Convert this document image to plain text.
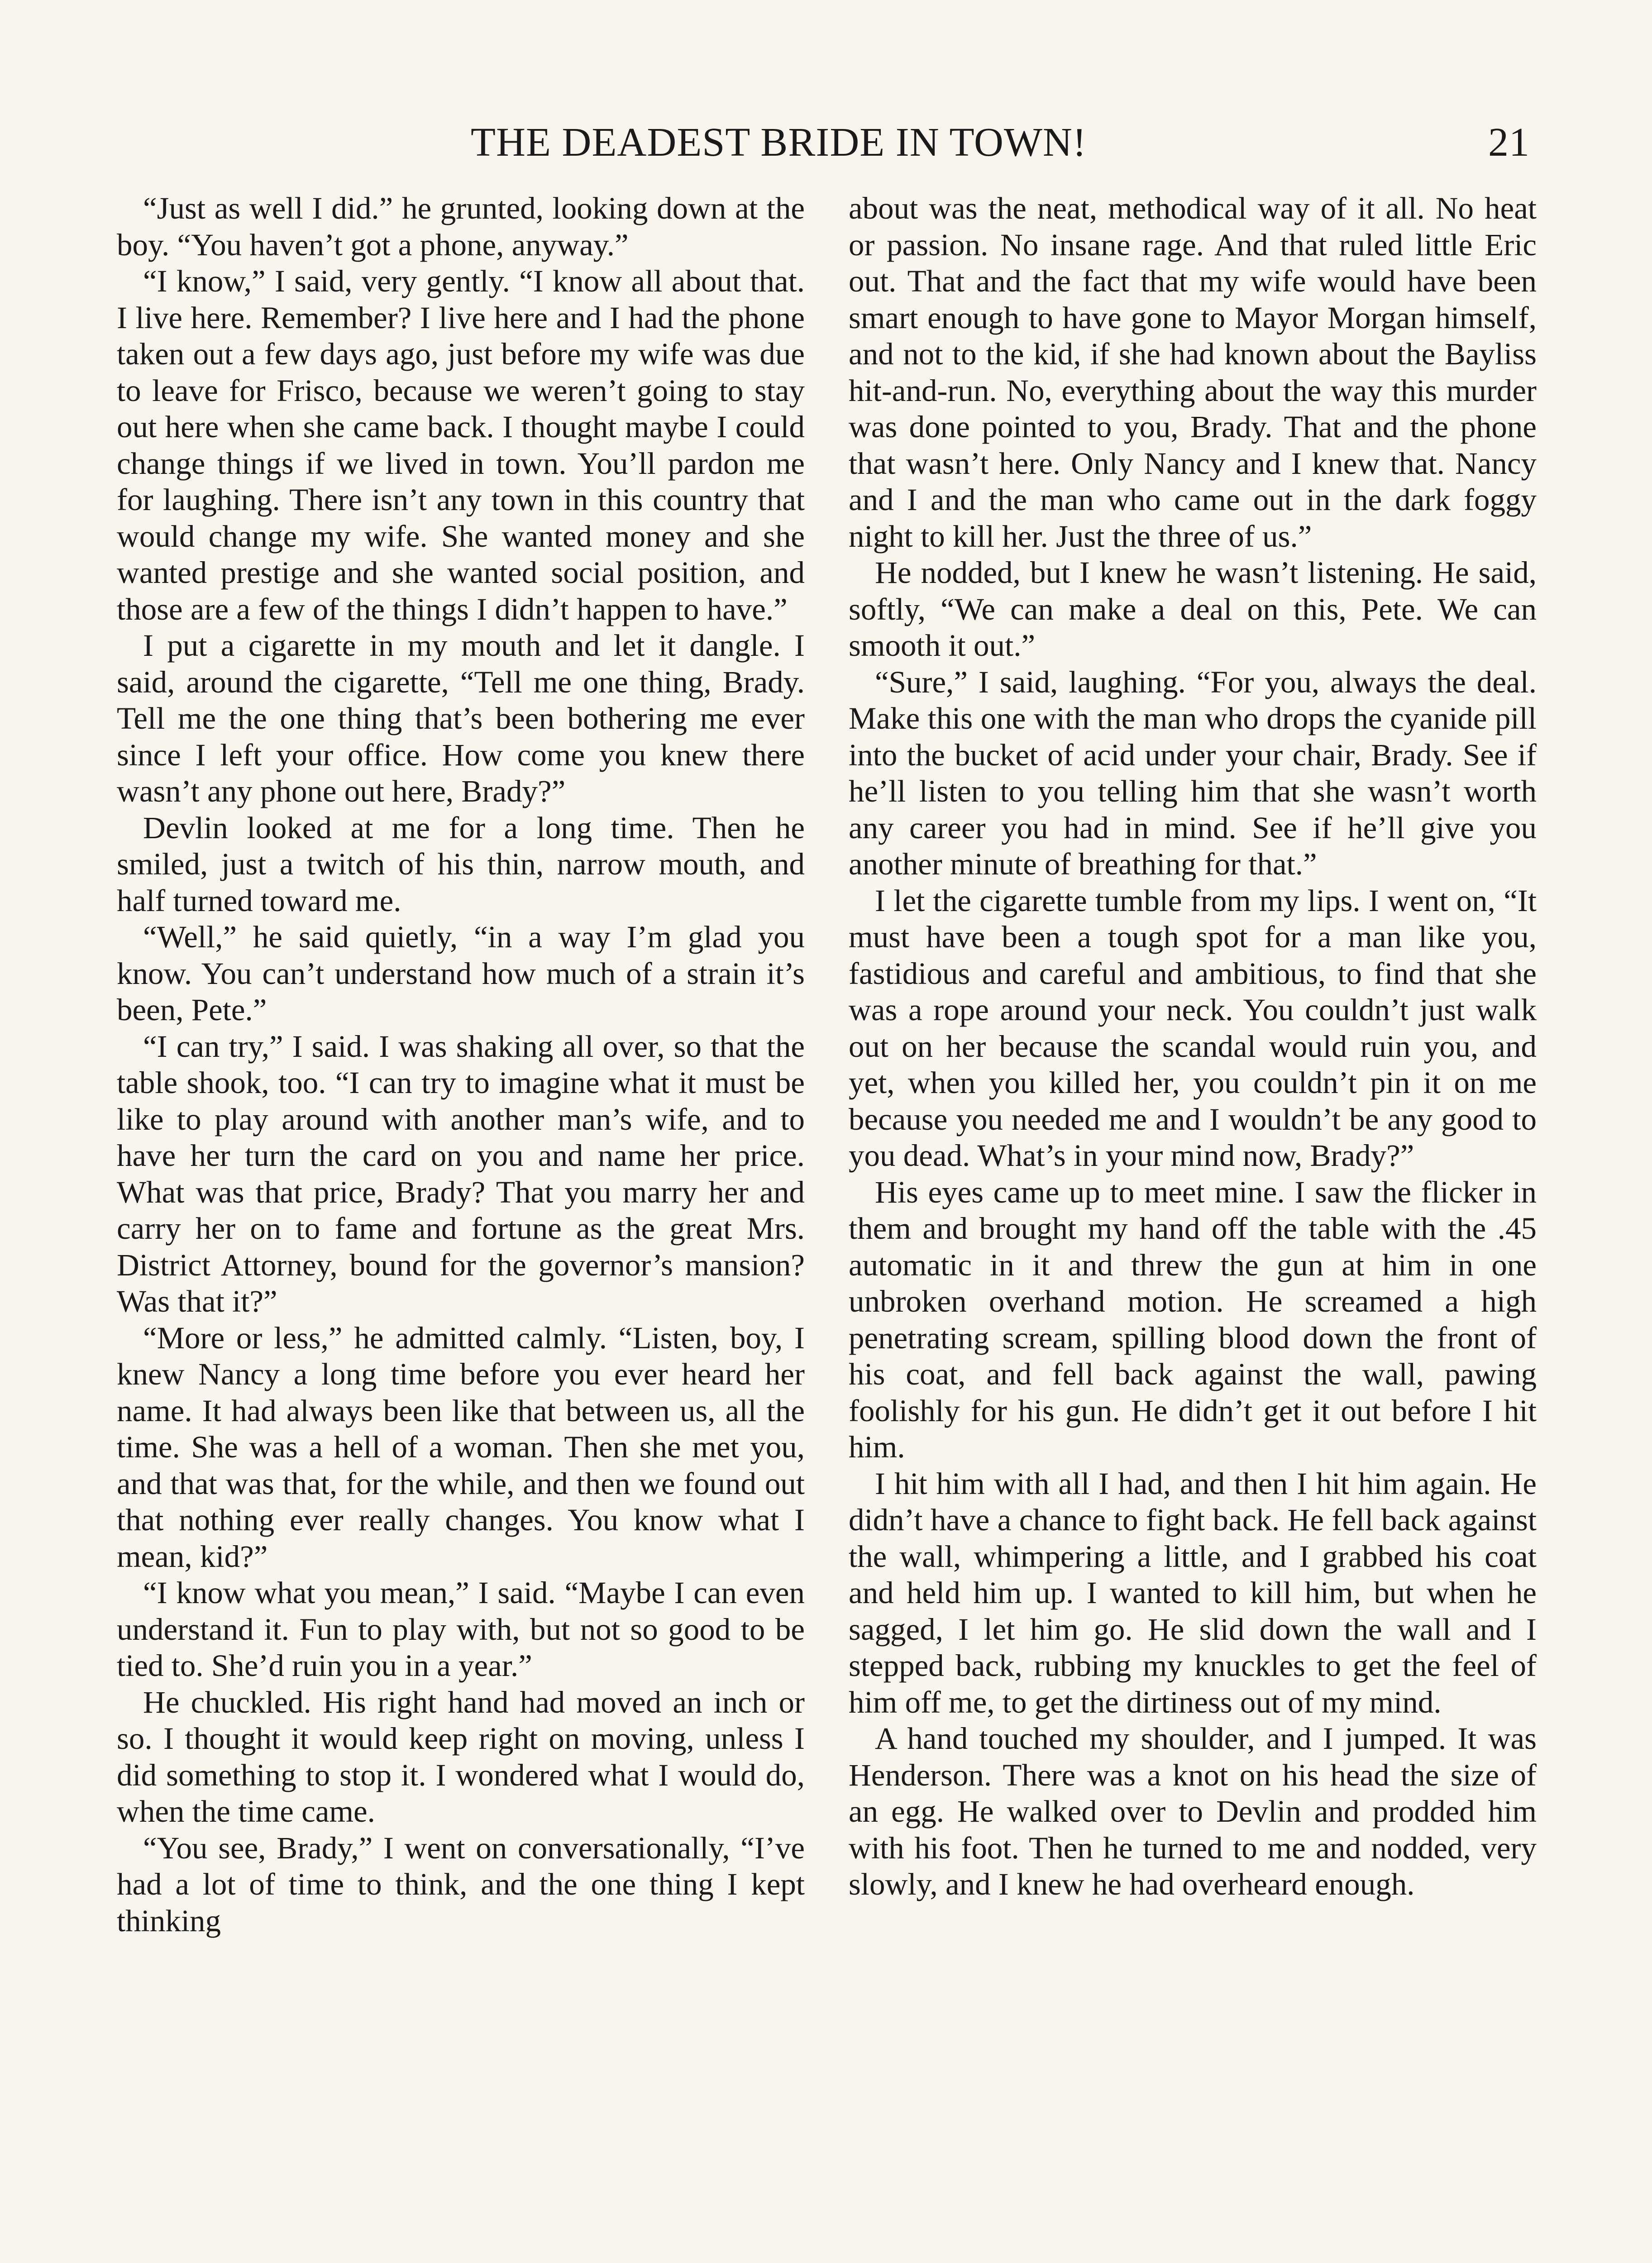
THE DEADEST BRIDE IN TOWN!	21

“Just as well I did.” he grunted, looking down at the boy. “You haven’t got a phone, anyway.”

“I know,” I said, very gently. “I know all about that. I live here. Remember? I live here and I had the phone taken out a few days ago, just before my wife was due to leave for Frisco, because we weren’t going to stay out here when she came back. I thought maybe I could change things if we lived in town. You’ll pardon me for laughing. There isn’t any town in this country that would change my wife. She wanted money and she wanted prestige and she wanted social position, and those are a few of the things I didn’t happen to have.”

I put a cigarette in my mouth and let it dangle. I said, around the cigarette, “Tell me one thing, Brady. Tell me the one thing that’s been bothering me ever since I left your office. How come you knew there wasn’t any phone out here, Brady?”

Devlin looked at me for a long time. Then he smiled, just a twitch of his thin, narrow mouth, and half turned toward me.

“Well,” he said quietly, “in a way I’m glad you know. You can’t understand how much of a strain it’s been, Pete.”

“I can try,” I said. I was shaking all over, so that the table shook, too. “I can try to imagine what it must be like to play around with another man’s wife, and to have her turn the card on you and name her price. What was that price, Brady? That you marry her and carry her on to fame and fortune as the great Mrs. District Attorney, bound for the governor’s mansion? Was that it?”

“More or less,” he admitted calmly. “Listen, boy, I knew Nancy a long time before you ever heard her name. It had always been like that between us, all the time. She was a hell of a woman. Then she met you, and that was that, for the while, and then we found out that nothing ever really changes. You know what I mean, kid?”

“I know what you mean,” I said. “Maybe I can even understand it. Fun to play with, but not so good to be tied to. She’d ruin you in a year.”

He chuckled. His right hand had moved an inch or so. I thought it would keep right on moving, unless I did something to stop it. I wondered what I would do, when the time came.

“You see, Brady,” I went on conversationally, “I’ve had a lot of time to think, and the one thing I kept thinking

about was the neat, methodical way of it all. No heat or passion. No insane rage. And that ruled little Eric out. That and the fact that my wife would have been smart enough to have gone to Mayor Morgan himself, and not to the kid, if she had known about the Bayliss hit-and-run. No, everything about the way this murder was done pointed to you, Brady. That and the phone that wasn’t here. Only Nancy and I knew that. Nancy and I and the man who came out in the dark foggy night to kill her. Just the three of us.”

He nodded, but I knew he wasn’t listening. He said, softly, “We can make a deal on this, Pete. We can smooth it out.”

“Sure,” I said, laughing. “For you, always the deal. Make this one with the man who drops the cyanide pill into the bucket of acid under your chair, Brady. See if he’ll listen to you telling him that she wasn’t worth any career you had in mind. See if he’ll give you another minute of breathing for that.”

I let the cigarette tumble from my lips. I went on, “It must have been a tough spot for a man like you, fastidious and careful and ambitious, to find that she was a rope around your neck. You couldn’t just walk out on her because the scandal would ruin you, and yet, when you killed her, you couldn’t pin it on me because you needed me and I wouldn’t be any good to you dead. What’s in your mind now, Brady?”

His eyes came up to meet mine. I saw the flicker in them and brought my hand off the table with the .45 automatic in it and threw the gun at him in one unbroken overhand motion. He screamed a high penetrating scream, spilling blood down the front of his coat, and fell back against the wall, pawing foolishly for his gun. He didn’t get it out before I hit him.

I hit him with all I had, and then I hit him again. He didn’t have a chance to fight back. He fell back against the wall, whimpering a little, and I grabbed his coat and held him up. I wanted to kill him, but when he sagged, I let him go. He slid down the wall and I stepped back, rubbing my knuckles to get the feel of him off me, to get the dirtiness out of my mind.

A hand touched my shoulder, and I jumped. It was Henderson. There was a knot on his head the size of an egg. He walked over to Devlin and prodded him with his foot. Then he turned to me and nodded, very slowly, and I knew he had overheard enough.
